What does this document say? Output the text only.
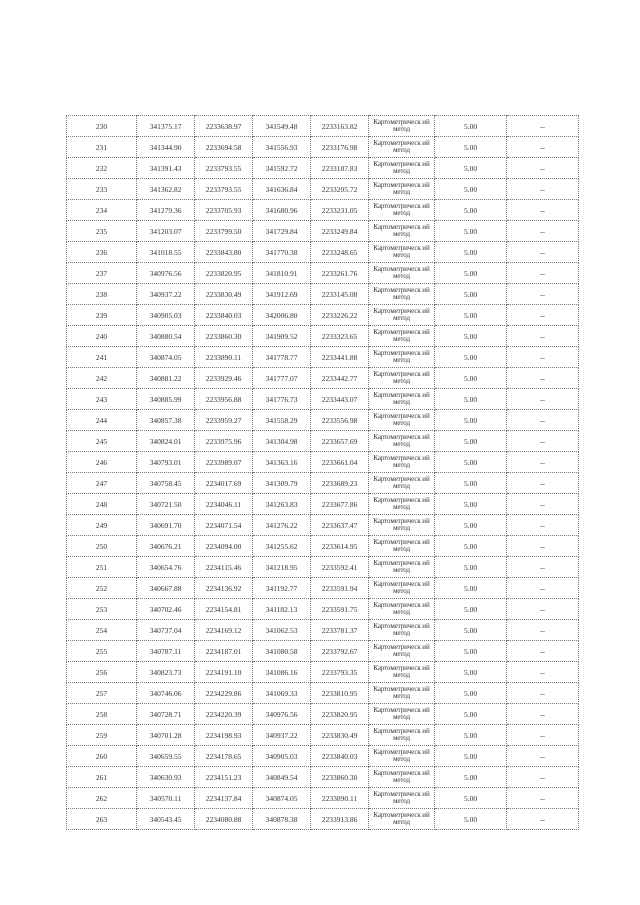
230	341375.17	2233638.97	341549.48	2233163.82	Картометрическ ий метод	5.00	--
231	341344.90	2233694.58	341556.93	2233176.98	Картометрическ ий метод	5.00	--
232	341391.43	2233793.55	341592.72	2233187.83	Картометрическ ий метод	5.00	--
233	341362.82	2233793.55	341636.84	2233205.72	Картометрическ ий метод	5.00	--
234	341279.36	2233705.93	341680.96	2233231.05	Картометрическ ий метод	5.00	--
235	341203.07	2233799.50	341729.84	2233249.84	Картометрическ ий метод	5.00	--
236	341018.55	2233843.80	341770.38	2233248.65	Картометрическ ий метод	5.00	--
237	340976.56	2233820.95	341810.91	2233261.76	Картометрическ ий метод	5.00	--
238	340937.22	2233830.49	341912.69	2233145.08	Картометрическ ий метод	5.00	--
239	340905.03	2233840.03	342006.80	2233226.22	Картометрическ ий метод	5.00	--
240	340880.54	2233860.30	341909.52	2233323.65	Картометрическ ий метод	5.00	--
241	340874.05	2233890.11	341778.77	2233441.88	Картометрическ ий метод	5.00	--
242	340881.22	2233929.46	341777.07	2233442.77	Картометрическ ий метод	5.00	--
243	340885.99	2233956.88	341776.73	2233443.07	Картометрическ ий метод	5.00	--
244	340857.38	2233959.27	341558.29	2233556.98	Картометрическ ий метод	5.00	--
245	340824.01	2233975.96	341304.98	2233657.69	Картометрическ ий метод	5.00	--
246	340793.01	2233989.07	341363.16	2233661.04	Картометрическ ий метод	5.00	--
247	340758.45	2234017.69	341309.79	2233689.23	Картометрическ ий метод	5.00	--
248	340721.50	2234046.11	341263.83	2233677.86	Картометрическ ий метод	5.00	--
249	340691.70	2234071.54	341276.22	2233637.47	Картометрическ ий метод	5.00	--
250	340676.21	2234094.00	341255.62	2233614.95	Картометрическ ий метод	5.00	--
251	340654.76	2234115.46	341218.95	2233592.41	Картометрическ ий метод	5.00	--
252	340667.88	2234136.92	341192.77	2233591.94	Картометрическ ий метод	5.00	--
253	340702.46	2234154.81	341182.13	2233591.75	Картометрическ ий метод	5.00	--
254	340737.04	2234169.12	341062.53	2233781.37	Картометрическ ий метод	5.00	--
255	340787.11	2234187.01	341080.58	2233792.67	Картометрическ ий метод	5.00	--
256	340823.73	2234191.10	341086.16	2233793.35	Картометрическ ий метод	5.00	--
257	340746.06	2234229.86	341069.33	2233810.95	Картометрическ ий метод	5.00	--
258	340728.71	2234220.39	340976.56	2233820.95	Картометрическ ий метод	5.00	--
259	340701.28	2234198.93	340937.22	2233830.49	Картометрическ ий метод	5.00	--
260	340659.55	2234178.65	340905.03	2233840.03	Картометрическ ий метод	5.00	--
261	340630.93	2234151.23	340849.54	2233860.30	Картометрическ ий метод	5.00	--
262	340570.11	2234137.84	340874.05	2233890.11	Картометрическ ий метод	5.00	--
263	340543.45	2234080.88	340878.38	2233913.86	Картометрическ ий метод	5.00	--
